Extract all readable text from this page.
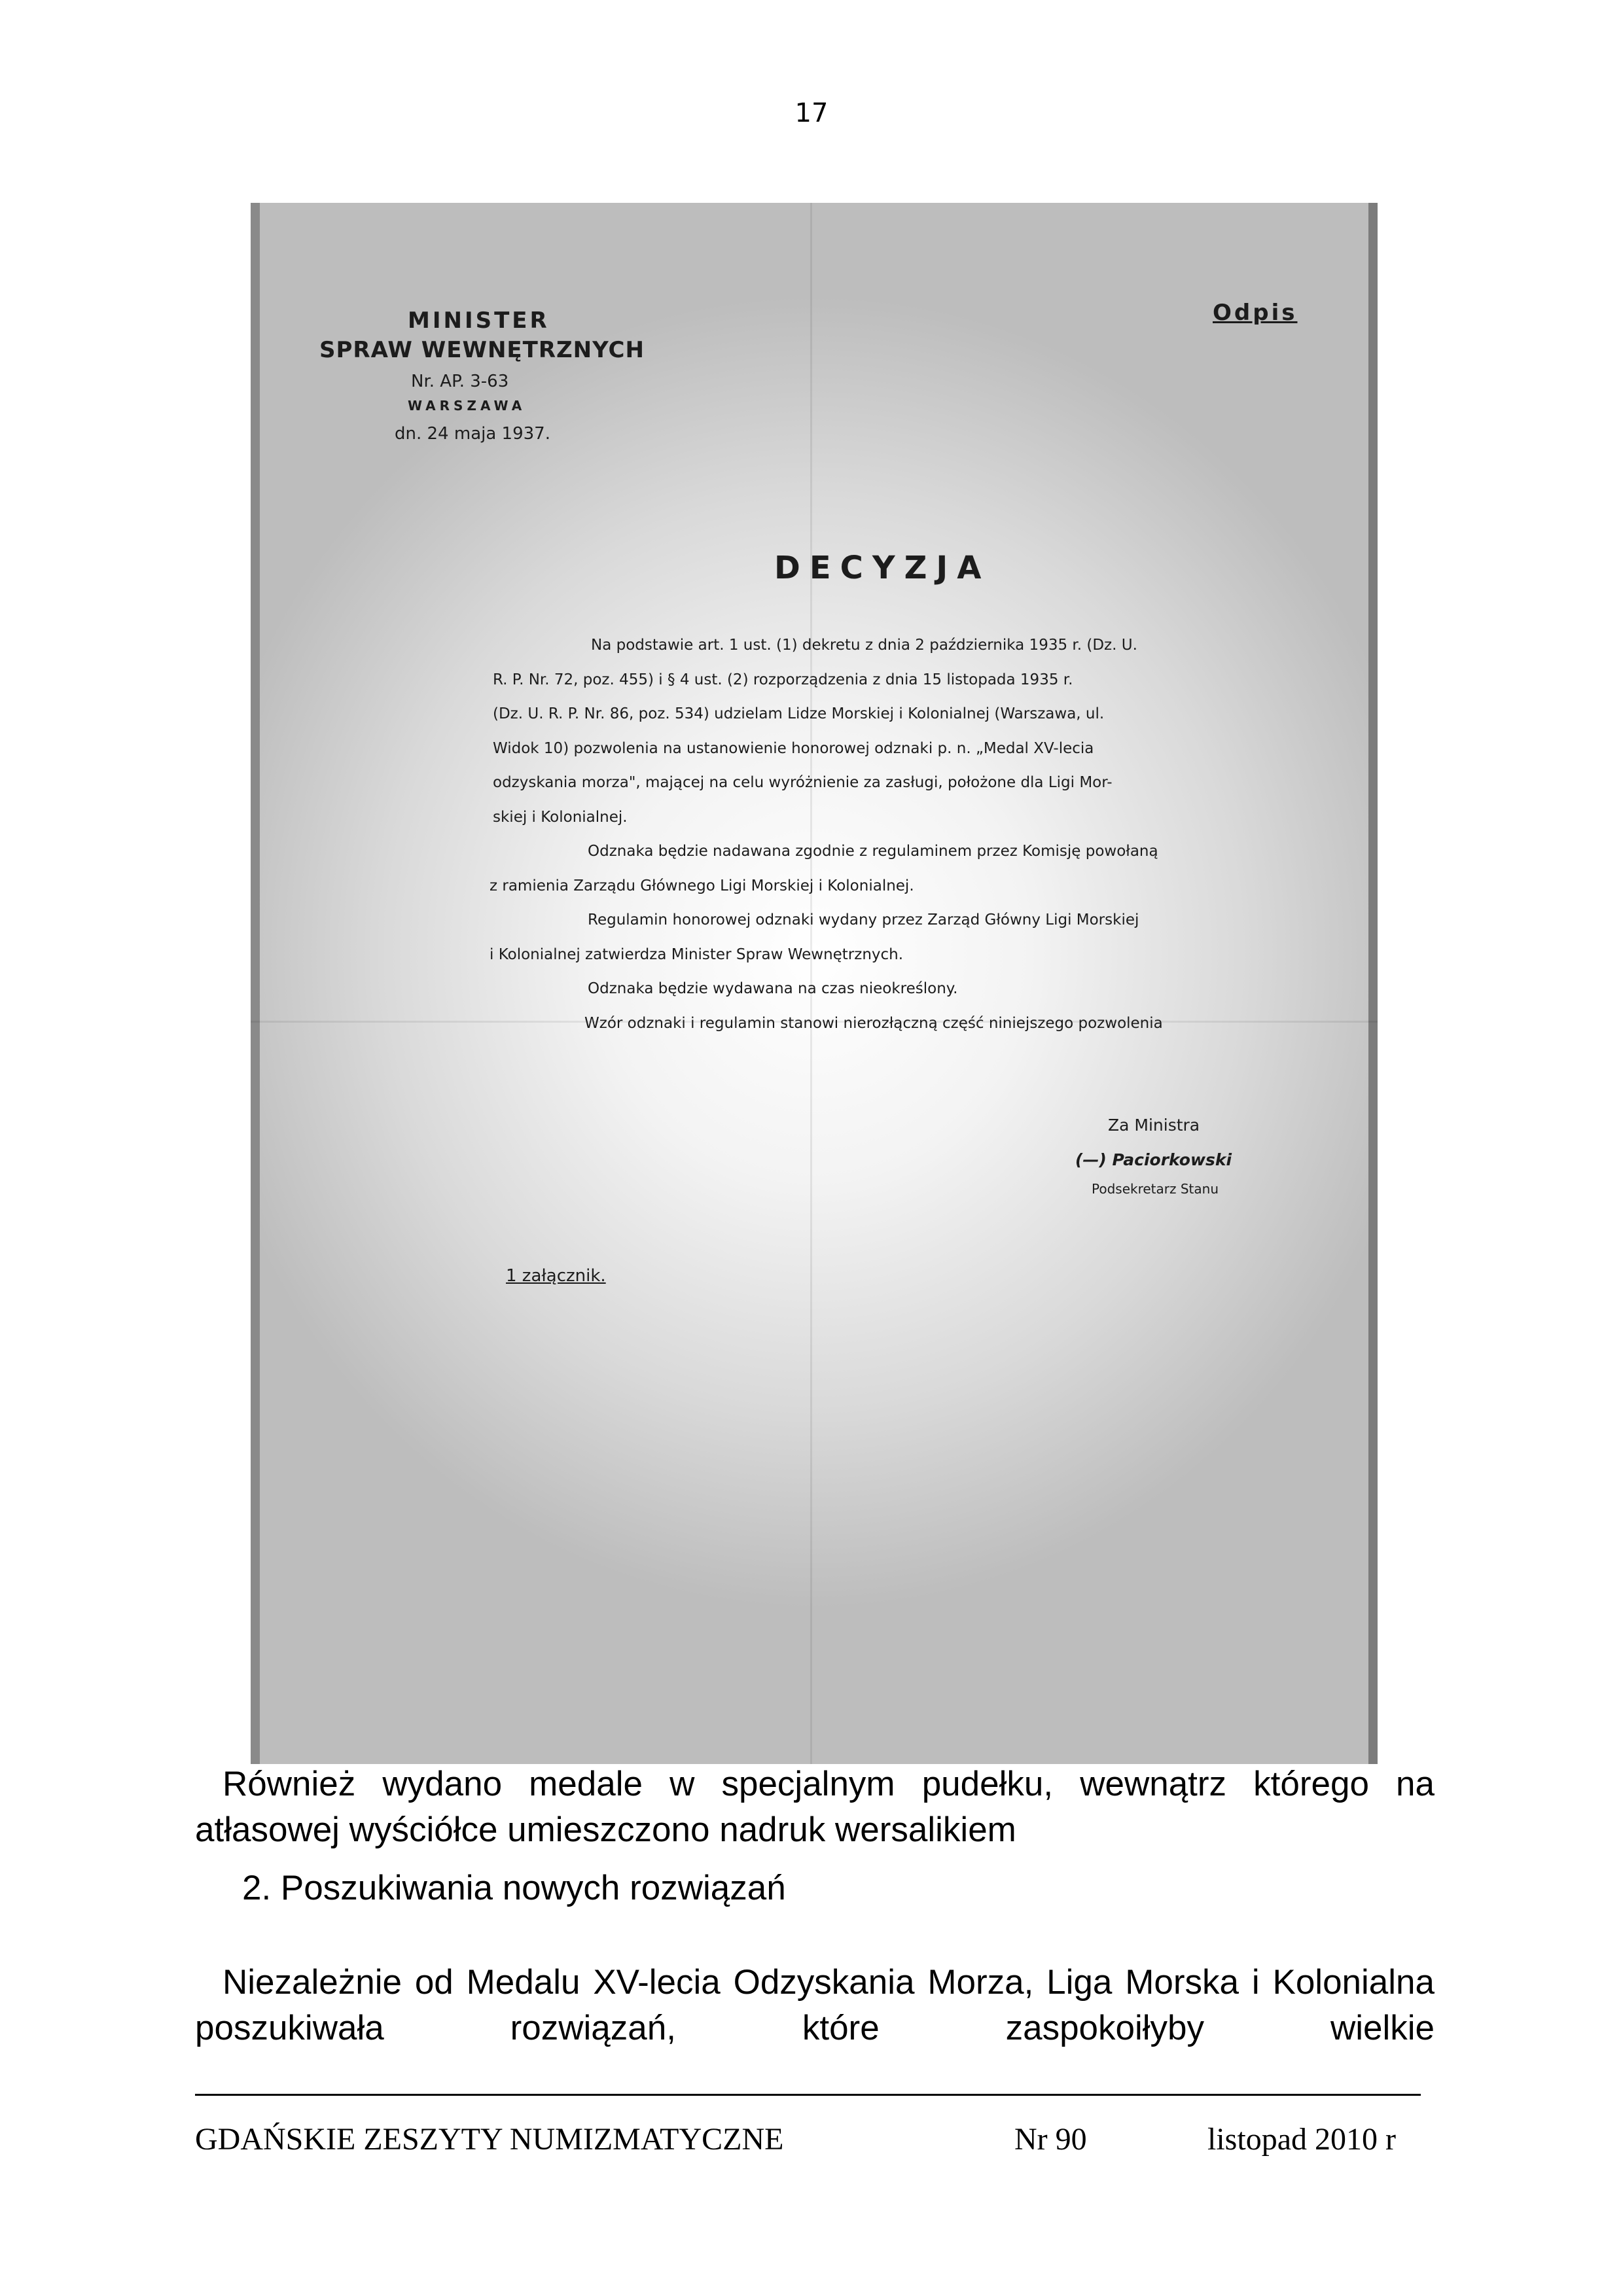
17
MINISTER
SPRAW WEWNĘTRZNYCH
Nr. AP. 3-63
WARSZAWA
dn. 24 maja 1937.
Odpis
DECYZJA
Na podstawie art. 1 ust. (1) dekretu z dnia 2 października 1935 r. (Dz. U.
R. P. Nr. 72, poz. 455) i § 4 ust. (2) rozporządzenia z dnia 15 listopada 1935 r.
(Dz. U. R. P. Nr. 86, poz. 534) udzielam Lidze Morskiej i Kolonialnej (Warszawa, ul.
Widok 10) pozwolenia na ustanowienie honorowej odznaki p. n. „Medal XV-lecia
odzyskania morza", mającej na celu wyróżnienie za zasługi, położone dla Ligi Mor-
skiej i Kolonialnej.
Odznaka będzie nadawana zgodnie z regulaminem przez Komisję powołaną
z ramienia Zarządu Głównego Ligi Morskiej i Kolonialnej.
Regulamin honorowej odznaki wydany przez Zarząd Główny Ligi Morskiej
i Kolonialnej zatwierdza Minister Spraw Wewnętrznych.
Odznaka będzie wydawana na czas nieokreślony.
Wzór odznaki i regulamin stanowi nierozłączną część niniejszego pozwolenia
Za Ministra
(—) Paciorkowski
Podsekretarz Stanu
1 załącznik.
Również wydano medale w specjalnym pudełku, wewnątrz którego na atłasowej wyściółce umieszczono nadruk wersalikiem
2. Poszukiwania nowych rozwiązań
Niezależnie od Medalu XV-lecia Odzyskania Morza, Liga Morska i Kolonialna poszukiwała rozwiązań, które zaspokoiłyby wielkie
GDAŃSKIE ZESZYTY NUMIZMATYCZNE	Nr 90	listopad 2010 r
